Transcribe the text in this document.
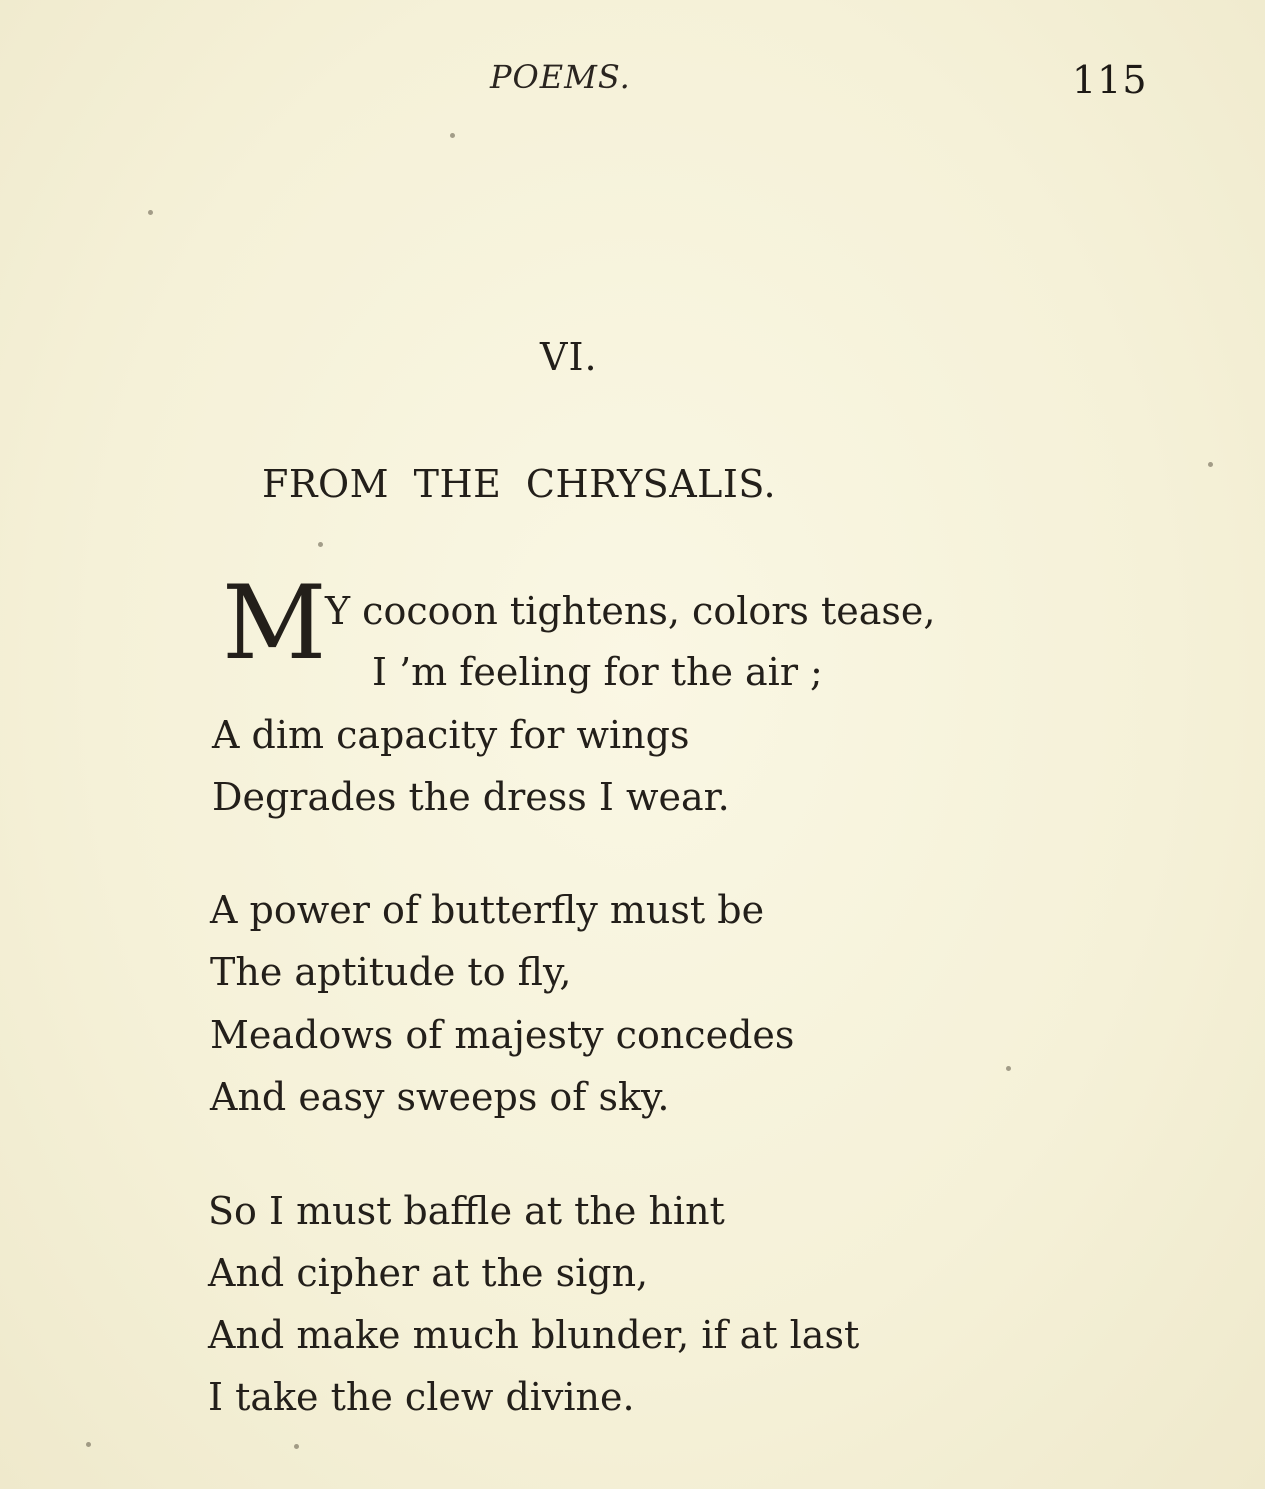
POEMS.	115
VI.
FROM THE CHRYSALIS.
M
Y cocoon tightens, colors tease,
I ’m feeling for the air ;
A dim capacity for wings
Degrades the dress I wear.
A power of butterfly must be
The aptitude to fly,
Meadows of majesty concedes
And easy sweeps of sky.
So I must baffle at the hint
And cipher at the sign,
And make much blunder, if at last
I take the clew divine.
